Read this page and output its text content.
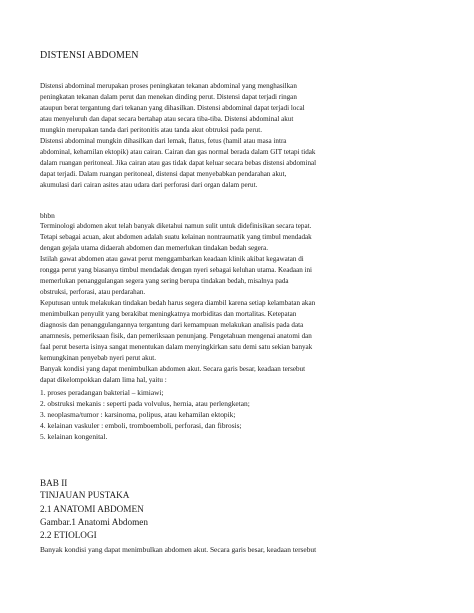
DISTENSI ABDOMEN
Distensi abdominal merupakan proses peningkatan tekanan abdominal yang menghasilkan
peningkatan tekanan dalam perut dan menekan dinding perut. Distensi dapat terjadi ringan
ataupun berat tergantung dari tekanan yang dihasilkan. Distensi abdominal dapat terjadi local
atau menyeluruh dan dapat secara bertahap atau secara tiba-tiba. Distensi abdominal akut
mungkin merupakan tanda dari peritonitis atau tanda akut obtruksi pada perut.
Distensi abdominal mungkin dihasilkan dari lemak, flatus, fetus (hamil atau masa intra
abdominal, kehamilan ektopik) atau cairan. Cairan dan gas normal berada dalam GIT tetapi tidak
dalam ruangan peritoneal. Jika cairan atau gas tidak dapat keluar secara bebas distensi abdominal
dapat terjadi. Dalam ruangan peritoneal, distensi dapat menyebabkan pendarahan akut,
akumulasi dari cairan asites atau udara dari perforasi dari organ dalam perut.
bhbn
Terminologi abdomen akut telah banyak diketahui namun sulit untuk didefinisikan secara tepat.
Tetapi sebagai acuan, akut abdomen adalah suatu kelainan nontraumatik yang timbul mendadak
dengan gejala utama didaerah abdomen dan memerlukan tindakan bedah segera.
Istilah gawat abdomen atau gawat perut menggambarkan keadaan klinik akibat kegawatan di
rongga perut yang biasanya timbul mendadak dengan nyeri sebagai keluhan utama. Keadaan ini
memerlukan penanggulangan segera yang sering berupa tindakan bedah, misalnya pada
obstruksi, perforasi, atau perdarahan.
Keputusan untuk melakukan tindakan bedah harus segera diambil karena setiap kelambatan akan
menimbulkan penyulit yang berakibat meningkatnya morbiditas dan mortalitas. Ketepatan
diagnosis dan penanggulangannya tergantung dari kemampuan melakukan analisis pada data
anamnesis, pemeriksaan fisik, dan pemeriksaan penunjang. Pengetahuan mengenai anatomi dan
faal perut beserta isinya sangat menentukan dalam menyingkirkan satu demi satu sekian banyak
kemungkinan penyebab nyeri perut akut.
Banyak kondisi yang dapat menimbulkan abdomen akut. Secara garis besar, keadaan tersebut
dapat dikelompokkan dalam lima hal, yaitu :
1. proses peradangan bakterial – kimiawi;
2. obstruksi mekanis : seperti pada volvulus, hernia, atau perlengketan;
3. neoplasma/tumor : karsinoma, polipus, atau kehamilan ektopik;
4. kelainan vaskuler : emboli, tromboemboli, perforasi, dan fibrosis;
5. kelainan kongenital.
BAB II
TINJAUAN PUSTAKA
2.1 ANATOMI ABDOMEN
Gambar.1 Anatomi Abdomen
2.2 ETIOLOGI
Banyak kondisi yang dapat menimbulkan abdomen akut. Secara garis besar, keadaan tersebut
